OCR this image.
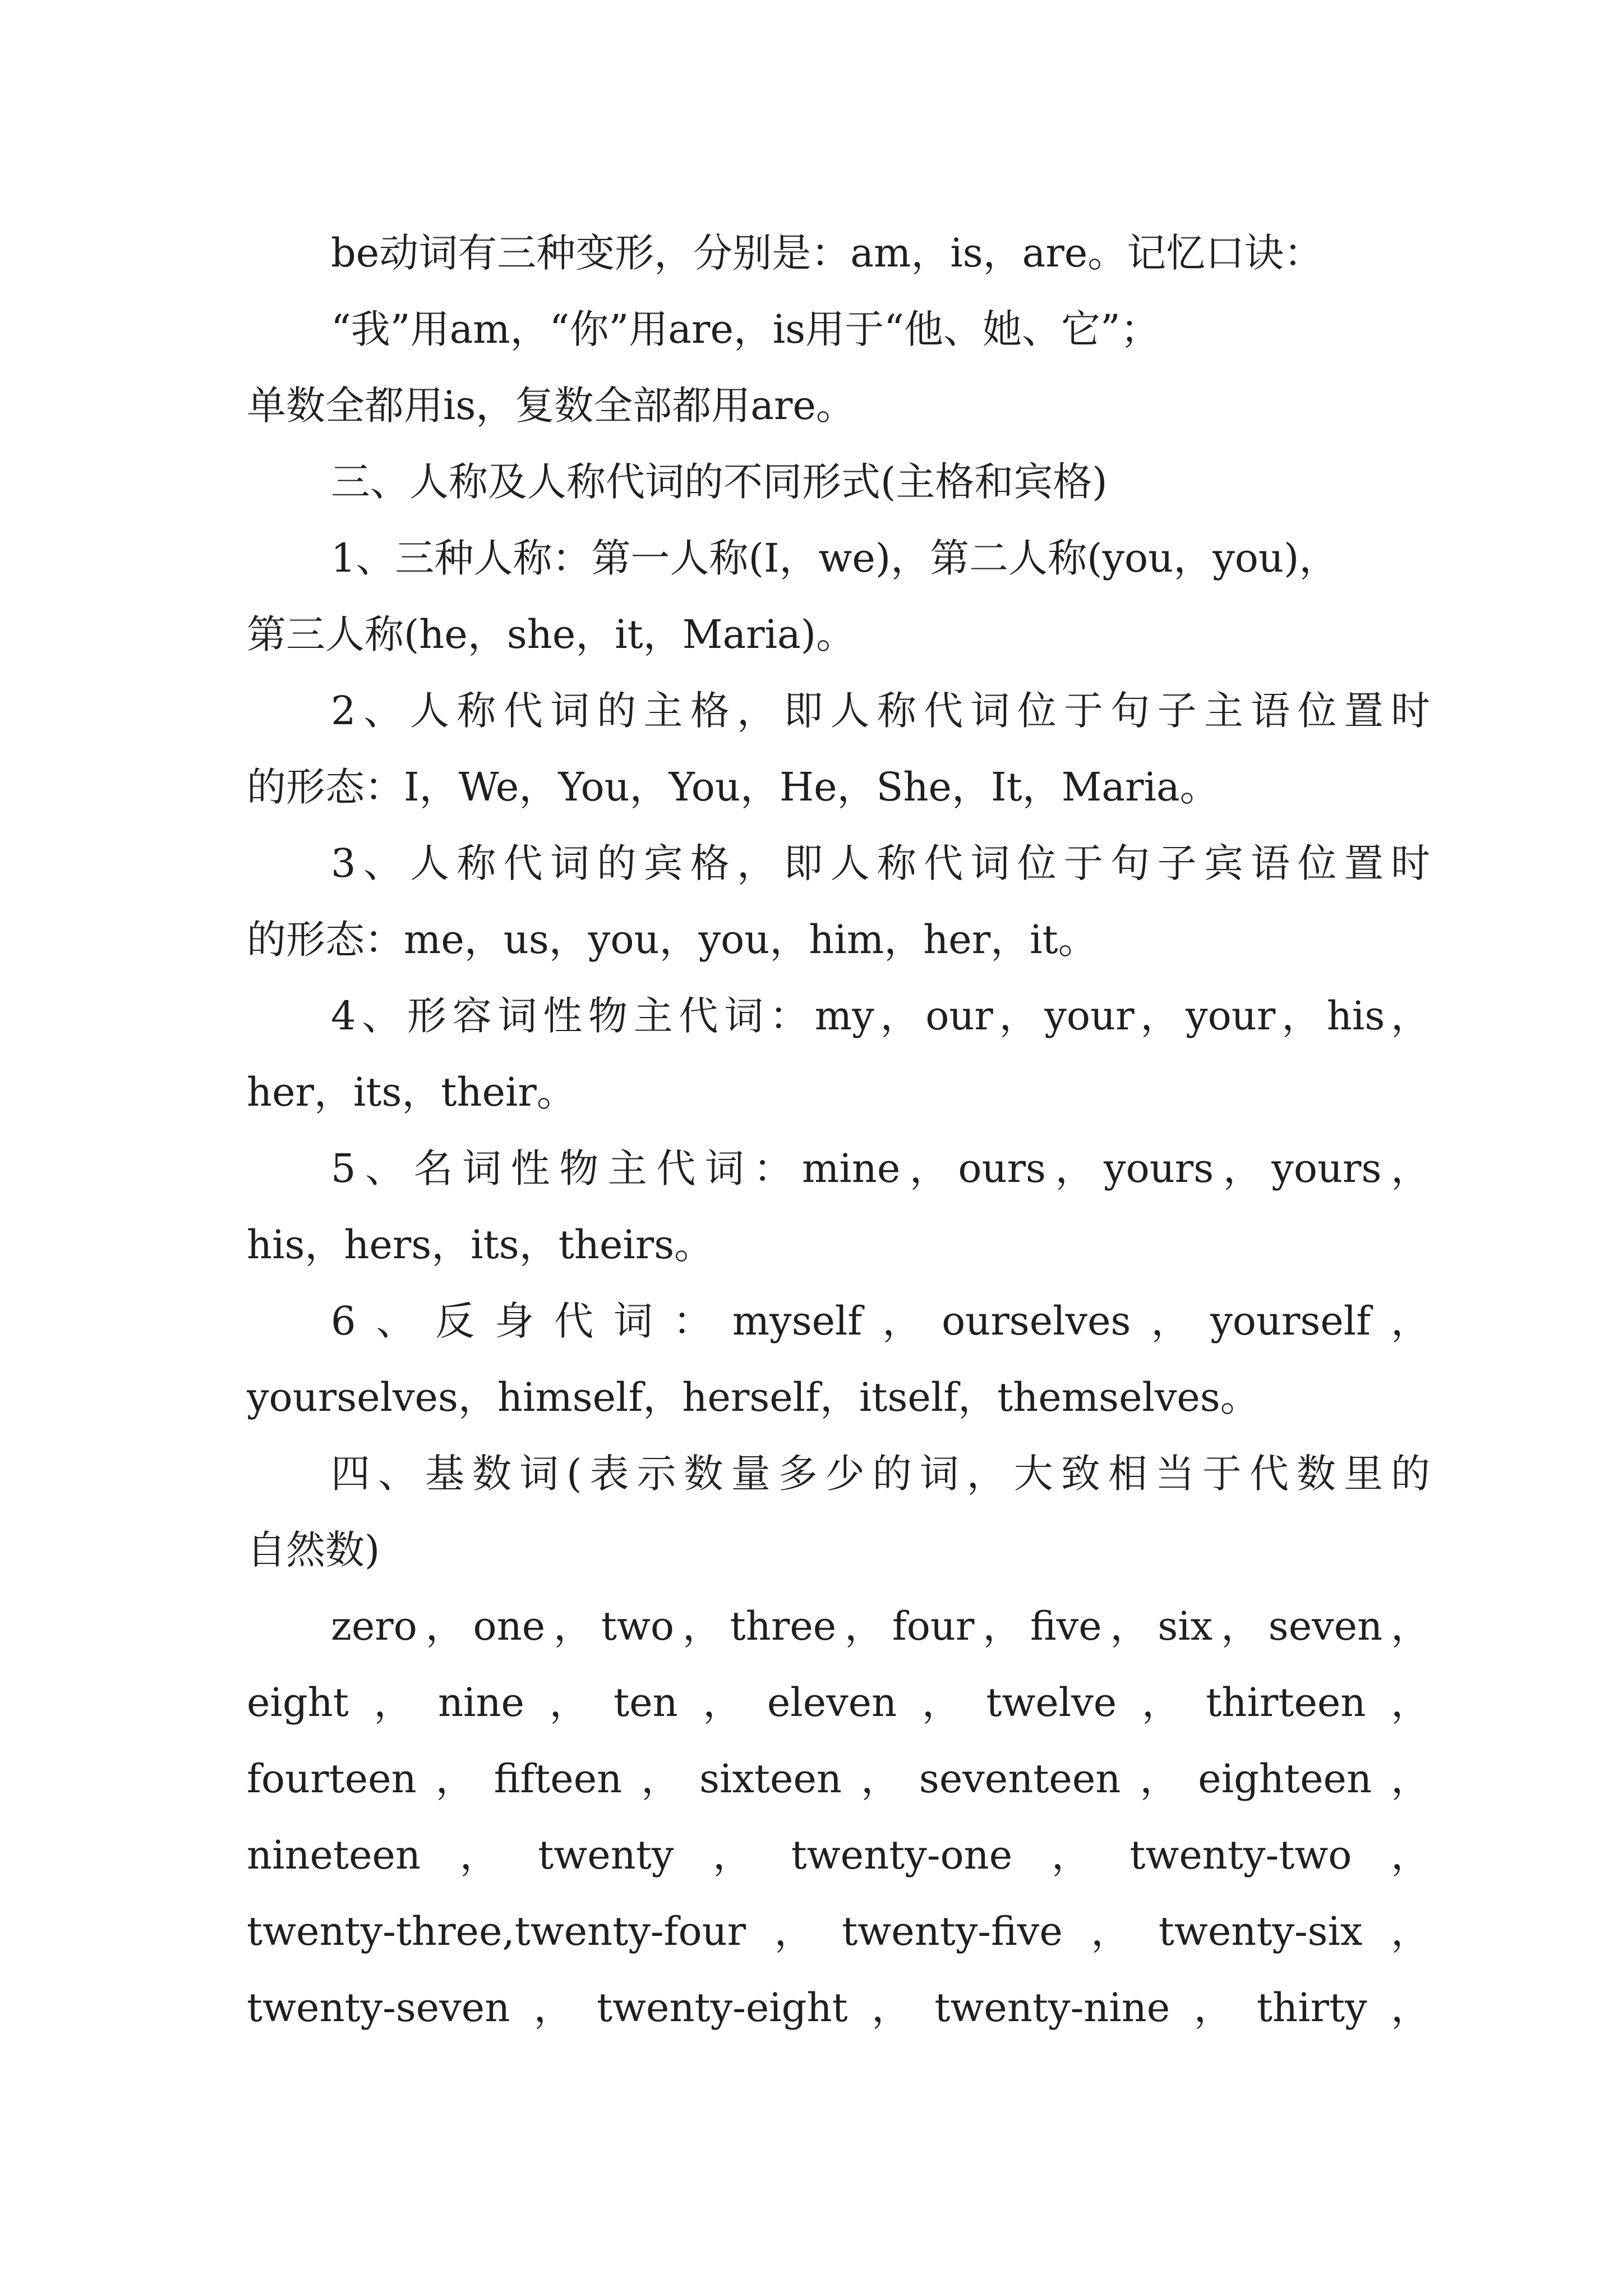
be动词有三种变形，分别是：am，is，are。记忆口诀：
“我”用am，“你”用are，is用于“他、她、它”；
单数全都用is，复数全部都用are。
三、人称及人称代词的不同形式(主格和宾格)
1、三种人称：第一人称(I，we)，第二人称(you，you)，
第三人称(he，she，it，Maria)。
2、人称代词的主格，即人称代词位于句子主语位置时
的形态：I，We，You，You，He，She，It，Maria。
3、人称代词的宾格，即人称代词位于句子宾语位置时
的形态：me，us，you，you，him，her，it。
4、形容词性物主代词：my，our，your，your，his，
her，its，their。
5、名词性物主代词：mine，ours，yours，yours，
his，hers，its，theirs。
6、反身代词：myself，ourselves，yourself，
yourselves，himself，herself，itself，themselves。
四、基数词(表示数量多少的词，大致相当于代数里的
自然数)
zero，one，two，three，four，five，six，seven，
eight，nine，ten，eleven，twelve，thirteen，
fourteen，fifteen，sixteen，seventeen，eighteen，
nineteen，twenty，twenty-one，twenty-two，
twenty-three,twenty-four，twenty-five，twenty-six，
twenty-seven，twenty-eight，twenty-nine，thirty，
